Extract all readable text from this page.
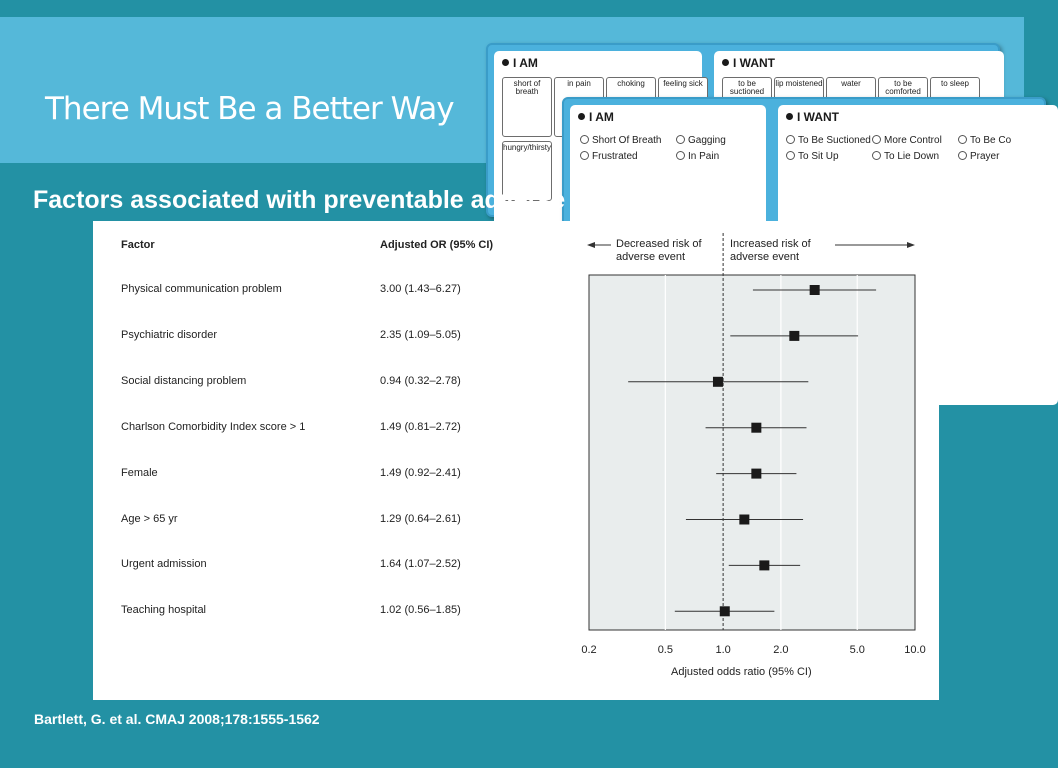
There Must Be a Better Way
I AM
short of breath
in pain	choking	feeling sick
hungry/thirsty
I WANT
to be suctioned
lip moistened	water	to be comforted
to sleep
EZ PICTURE BOARD BY VIDATAK
AN INNOVATION IN PATIENT COMMUNICATION
I AM
Short Of Breath	Gagging
Frustrated	In Pain
I WANT
To Be Suctioned	More Control	To Be Co
To Sit Up	To Lie Down	Prayer
EZ BOARD BY V
AN INNOVATION IN PATIENT
Factors associated with preventable adverse events
Factor	Adjusted OR (95% CI)	Decreased risk of
adverse event
Increased risk of
adverse event
Adjusted odds ratio (95% CI)
0.2	0.5	1.0	2.0	5.0	10.0
Physical communication problem	3.00 (1.43–6.27)
Psychiatric disorder	2.35 (1.09–5.05)
Social distancing problem	0.94 (0.32–2.78)
Charlson Comorbidity Index score > 1	1.49 (0.81–2.72)
Female	1.49 (0.92–2.41)
Age > 65 yr	1.29 (0.64–2.61)
Urgent admission	1.64 (1.07–2.52)
Teaching hospital	1.02 (0.56–1.85)

Bartlett, G. et al. CMAJ 2008;178:1555-1562
